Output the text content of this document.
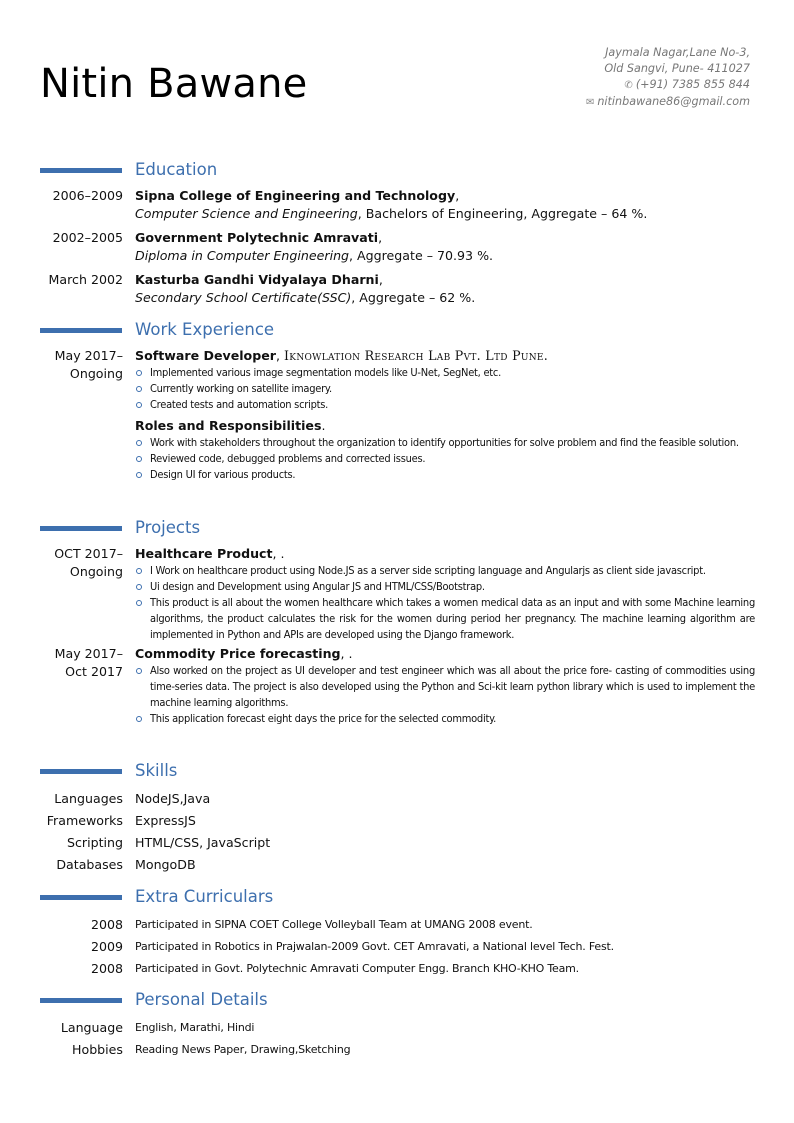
Nitin Bawane
Jaymala Nagar,Lane No-3,
Old Sangvi, Pune- 411027
✆ (+91) 7385 855 844
✉ nitinbawane86@gmail.com
Education
2006–2009 Sipna College of Engineering and Technology,
Computer Science and Engineering, Bachelors of Engineering, Aggregate – 64 %.
2002–2005 Government Polytechnic Amravati,
Diploma in Computer Engineering, Aggregate – 70.93 %.
March 2002 Kasturba Gandhi Vidyalaya Dharni,
Secondary School Certificate(SSC), Aggregate – 62 %.
Work Experience
May 2017–
Ongoing
Software Developer, Iknowlation Research Lab Pvt. Ltd Pune.
Implemented various image segmentation models like U-Net, SegNet, etc.
Currently working on satellite imagery.
Created tests and automation scripts.
Roles and Responsibilities.
Work with stakeholders throughout the organization to identify opportunities for solve problem and find the feasible solution.
Reviewed code, debugged problems and corrected issues.
Design UI for various products.
Projects
OCT 2017–
Ongoing
Healthcare Product, .
I Work on healthcare product using Node.JS as a server side scripting language and Angularjs as client side javascript.
Ui design and Development using Angular JS and HTML/CSS/Bootstrap.
This product is all about the women healthcare which takes a women medical data as an input and with some Machine learning algorithms, the product calculates the risk for the women during period her pregnancy. The machine learning algorithm are implemented in Python and APIs are developed using the Django framework.
May 2017–
Oct 2017
Commodity Price forecasting, .
Also worked on the project as UI developer and test engineer which was all about the price fore- casting of commodities using time-series data. The project is also developed using the Python and Sci-kit learn python library which is used to implement the machine learning algorithms.
This application forecast eight days the price for the selected commodity.
Skills
Languages NodeJS,Java
Frameworks ExpressJS
Scripting HTML/CSS, JavaScript
Databases MongoDB
Extra Curriculars
2008 Participated in SIPNA COET College Volleyball Team at UMANG 2008 event.
2009 Participated in Robotics in Prajwalan-2009 Govt. CET Amravati, a National level Tech. Fest.
2008 Participated in Govt. Polytechnic Amravati Computer Engg. Branch KHO-KHO Team.
Personal Details
Language English, Marathi, Hindi
Hobbies Reading News Paper, Drawing,Sketching
